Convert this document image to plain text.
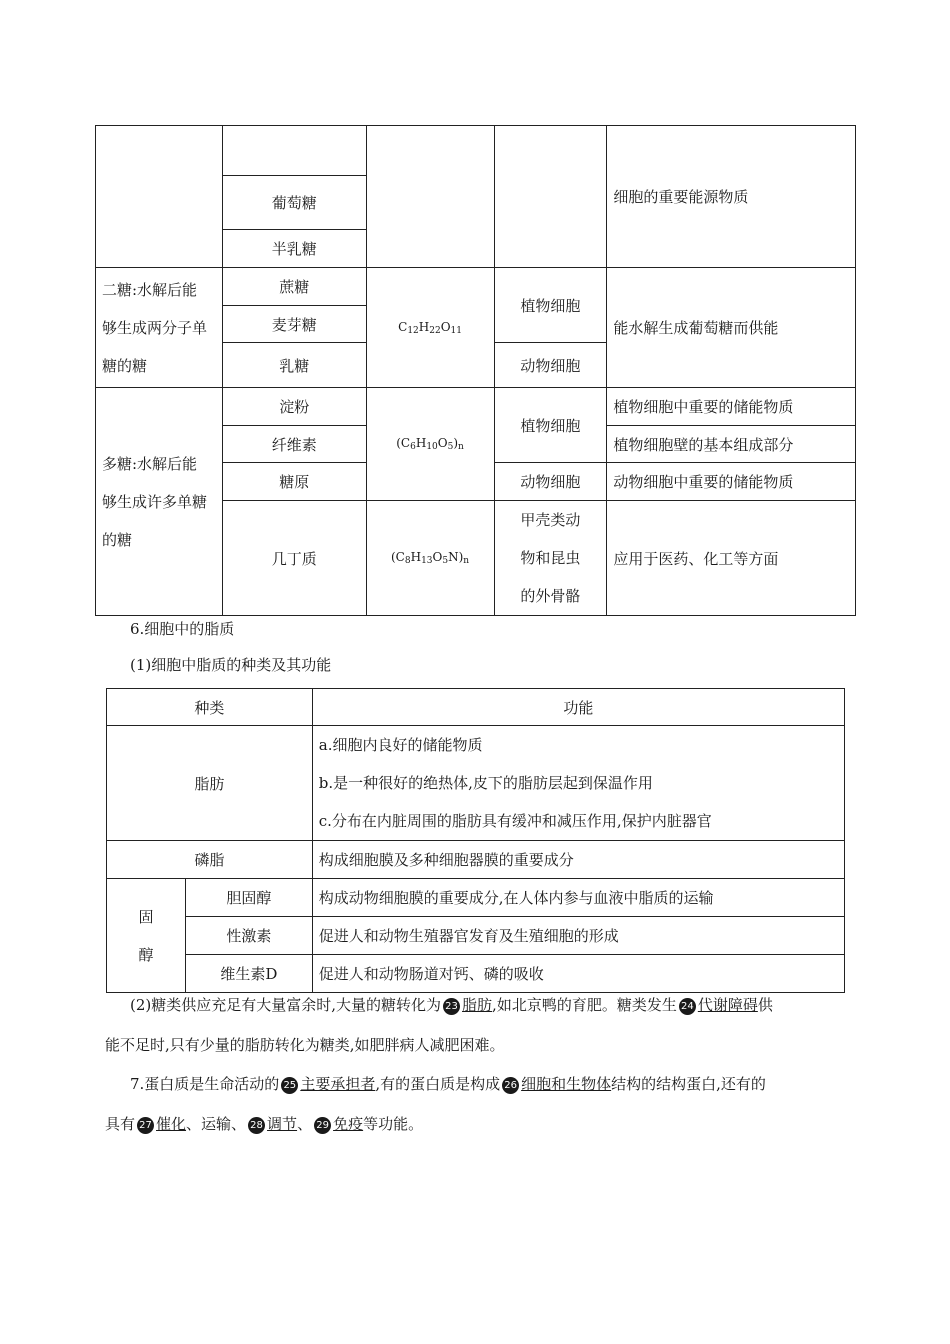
				细胞的重要能源物质
	葡萄糖			
	半乳糖			

二糖:水解后能
够生成两分子单
糖的糖	蔗糖	$C_{12}H_{22}O_{11}$	植物细胞	能水解生成葡萄糖而供能
	麦芽糖			
	乳糖		动物细胞	

多糖:水解后能
够生成许多单糖
的糖	淀粉	$(C_6H_{10}O_5)_n$	植物细胞	植物细胞中重要的储能物质
	纤维素			植物细胞壁的基本组成部分
	糖原		动物细胞	动物细胞中重要的储能物质
	几丁质	$(C_8H_{13}O_5N)_n$	甲壳类动
物和昆虫
的外骨骼	应用于医药、化工等方面
6.细胞中的脂质
(1)细胞中脂质的种类及其功能
种类		功能
脂肪		a.细胞内良好的储能物质
b.是一种很好的绝热体,皮下的脂肪层起到保温作用
c.分布在内脏周围的脂肪具有缓冲和减压作用,保护内脏器官

磷脂		构成细胞膜及多种细胞器膜的重要成分

固
醇	胆固醇	构成动物细胞膜的重要成分,在人体内参与血液中脂质的运输
	性激素	促进人和动物生殖器官发育及生殖细胞的形成
	维生素D	促进人和动物肠道对钙、磷的吸收
(2)糖类供应充足有大量富余时,大量的糖转化为 23 脂肪,如北京鸭的育肥。糖类发生 24 代谢障碍供
能不足时,只有少量的脂肪转化为糖类,如肥胖病人减肥困难。
7.蛋白质是生命活动的 25 主要承担者,有的蛋白质是构成 26 细胞和生物体结构的结构蛋白,还有的
具有 27 催化、运输、 28 调节、 29 免疫等功能。
